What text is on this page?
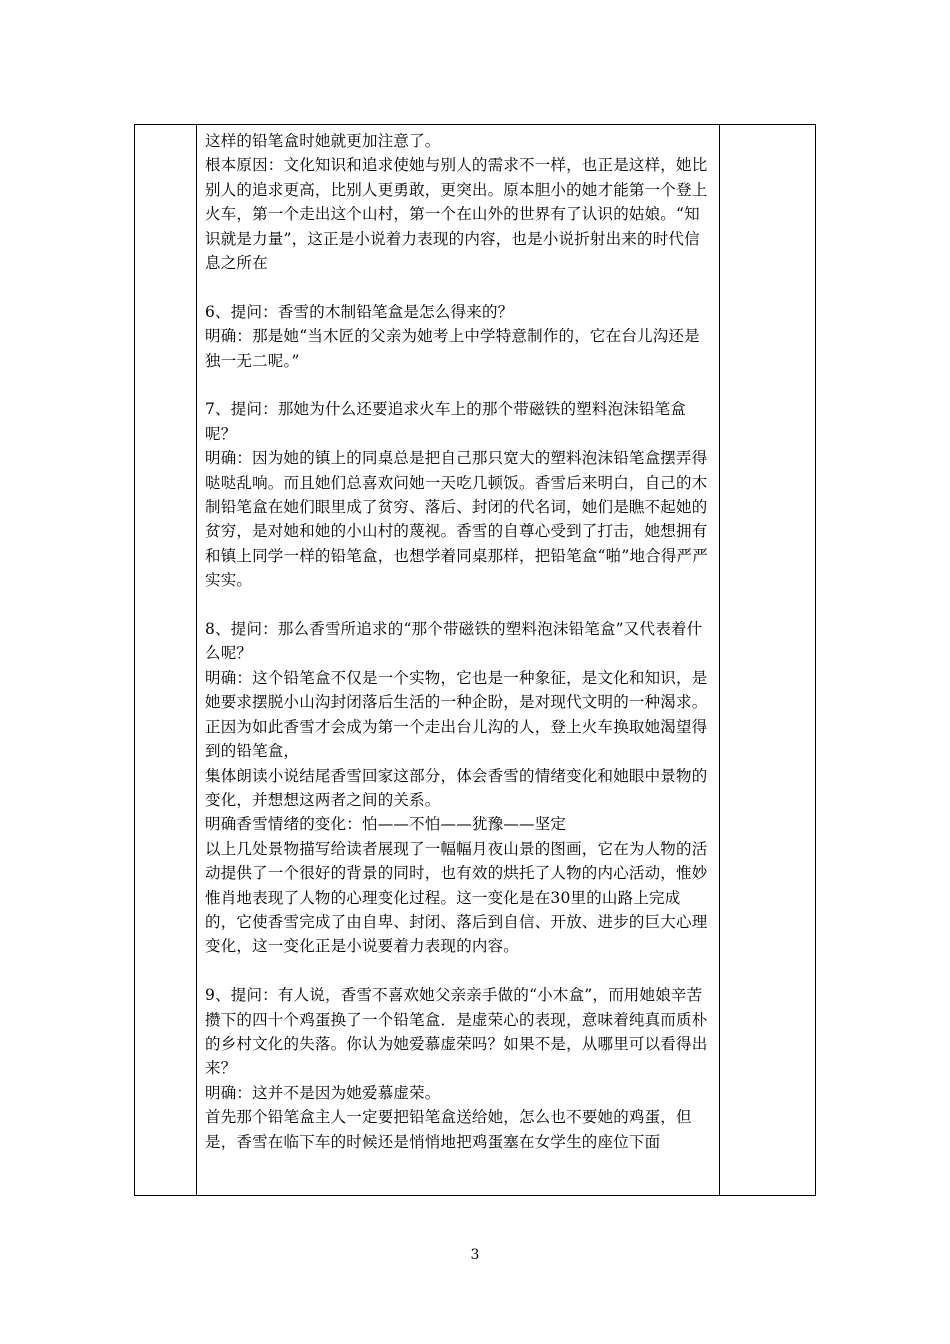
这样的铅笔盒时她就更加注意了。

根本原因：文化知识和追求使她与别人的需求不一样，也正是这样，她比别人的追求更高，比别人更勇敢，更突出。原本胆小的她才能第一个登上火车，第一个走出这个山村，第一个在山外的世界有了认识的姑娘。“知识就是力量”，这正是小说着力表现的内容，也是小说折射出来的时代信息之所在

6、提问：香雪的木制铅笔盒是怎么得来的？

明确：那是她“当木匠的父亲为她考上中学特意制作的，它在台儿沟还是独一无二呢。”

7、提问：那她为什么还要追求火车上的那个带磁铁的塑料泡沫铅笔盒呢？

明确：因为她的镇上的同桌总是把自己那只宽大的塑料泡沫铅笔盒摆弄得哒哒乱响。而且她们总喜欢问她一天吃几顿饭。香雪后来明白，自己的木制铅笔盒在她们眼里成了贫穷、落后、封闭的代名词，她们是瞧不起她的贫穷，是对她和她的小山村的蔑视。香雪的自尊心受到了打击，她想拥有和镇上同学一样的铅笔盒，也想学着同桌那样，把铅笔盒“啪”地合得严严实实。

8、提问：那么香雪所追求的“那个带磁铁的塑料泡沫铅笔盒”又代表着什么呢？

明确：这个铅笔盒不仅是一个实物，它也是一种象征，是文化和知识，是她要求摆脱小山沟封闭落后生活的一种企盼，是对现代文明的一种渴求。

正因为如此香雪才会成为第一个走出台儿沟的人，登上火车换取她渴望得到的铅笔盒，

集体朗读小说结尾香雪回家这部分，体会香雪的情绪变化和她眼中景物的变化，并想想这两者之间的关系。

明确香雪情绪的变化：怕——不怕——犹豫——坚定

以上几处景物描写给读者展现了一幅幅月夜山景的图画，它在为人物的活动提供了一个很好的背景的同时，也有效的烘托了人物的内心活动，惟妙惟肖地表现了人物的心理变化过程。这一变化是在30里的山路上完成的，它使香雪完成了由自卑、封闭、落后到自信、开放、进步的巨大心理变化，这一变化正是小说要着力表现的内容。

9、提问：有人说，香雪不喜欢她父亲亲手做的“小木盒”，而用她娘辛苦攒下的四十个鸡蛋换了一个铅笔盒．是虚荣心的表现，意味着纯真而质朴的乡村文化的失落。你认为她爱慕虚荣吗？如果不是，从哪里可以看得出来？

明确：这并不是因为她爱慕虚荣。

首先那个铅笔盒主人一定要把铅笔盒送给她，怎么也不要她的鸡蛋，但是，香雪在临下车的时候还是悄悄地把鸡蛋塞在女学生的座位下面

3
